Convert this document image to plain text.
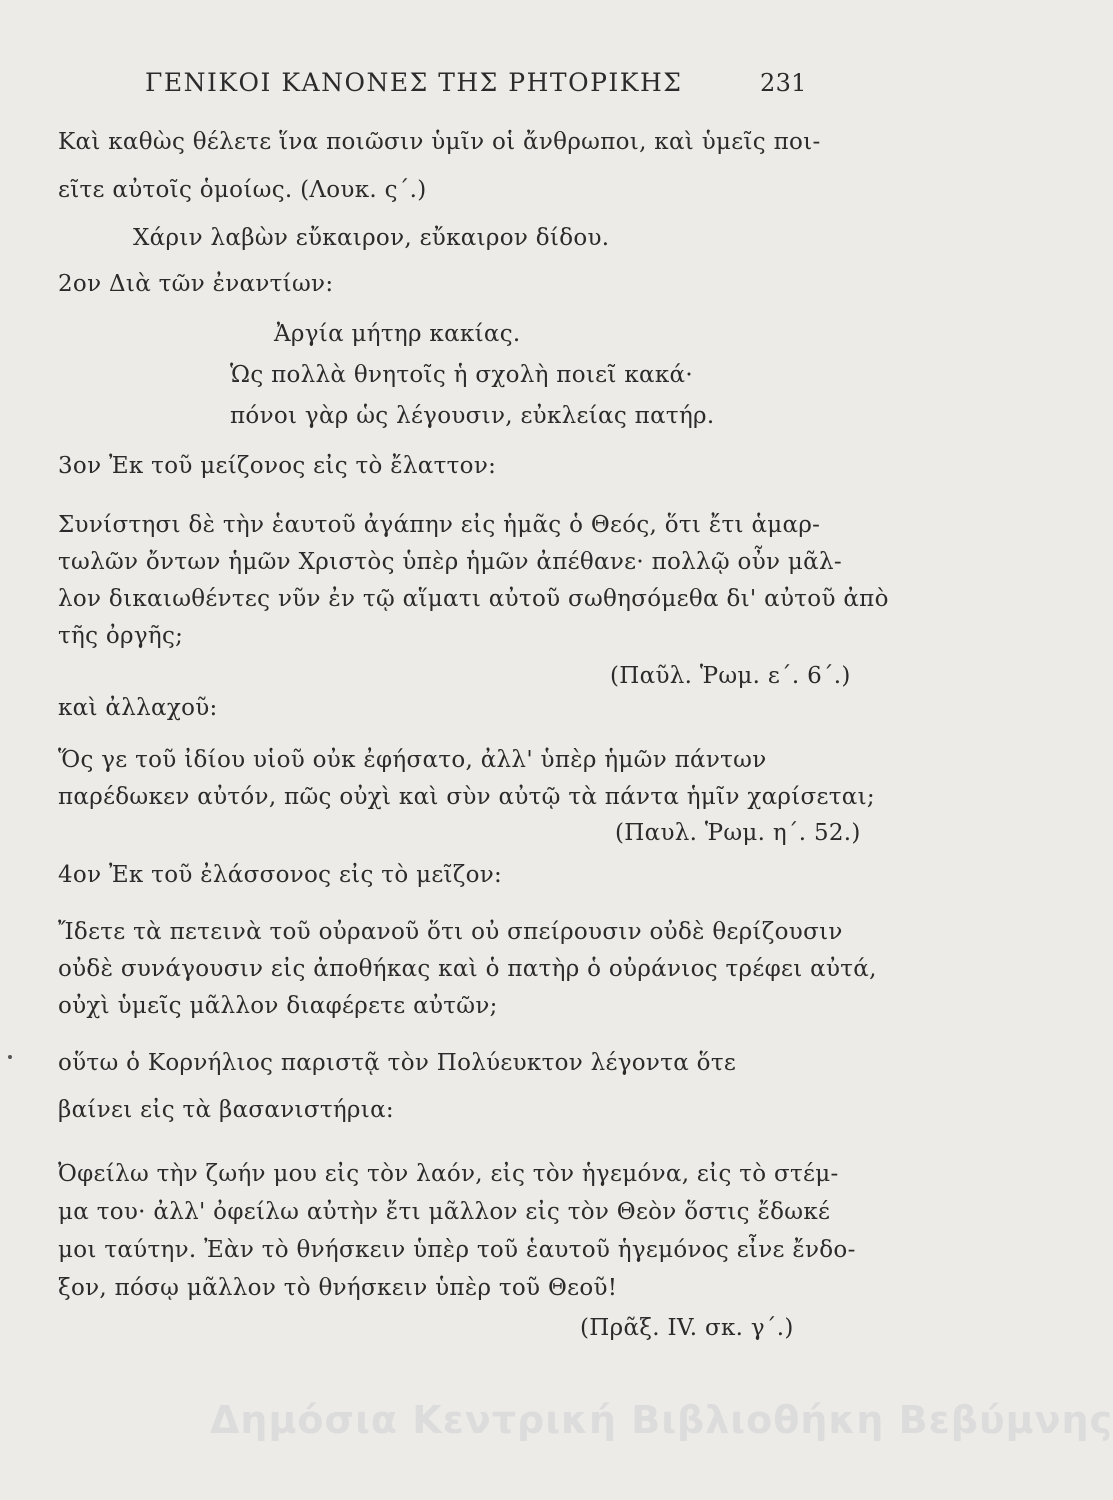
ΓΕΝΙΚΟΙ ΚΑΝΟΝΕΣ ΤΗΣ ΡΗΤΟΡΙΚΗΣ	231
Καὶ καθὼς θέλετε ἵνα ποιῶσιν ὑμῖν οἱ ἄνθρωποι, καὶ ὑμεῖς ποι-
εῖτε αὐτοῖς ὁμοίως. (Λουκ. ς΄.)
Χάριν λαβὼν εὔκαιρον, εὔκαιρον δίδου.
2ον Διὰ τῶν ἐναντίων:
Ἀργία μήτηρ κακίας.
Ὡς πολλὰ θνητοῖς ἡ σχολὴ ποιεῖ κακά·
πόνοι γὰρ ὡς λέγουσιν, εὐκλείας πατήρ.
3ον Ἐκ τοῦ μείζονος εἰς τὸ ἔλαττον:
Συνίστησι δὲ τὴν ἑαυτοῦ ἀγάπην εἰς ἡμᾶς ὁ Θεός, ὅτι ἔτι ἁμαρ-
τωλῶν ὄντων ἡμῶν Χριστὸς ὑπὲρ ἡμῶν ἀπέθανε· πολλῷ οὖν μᾶλ-
λον δικαιωθέντες νῦν ἐν τῷ αἵματι αὐτοῦ σωθησόμεθα δι' αὐτοῦ ἀπὸ
τῆς ὀργῆς;
(Παῦλ. Ῥωμ. ε΄. 6΄.)
καὶ ἀλλαχοῦ:
Ὅς γε τοῦ ἰδίου υἱοῦ οὐκ ἐφήσατο, ἀλλ' ὑπὲρ ἡμῶν πάντων
παρέδωκεν αὐτόν, πῶς οὐχὶ καὶ σὺν αὐτῷ τὰ πάντα ἡμῖν χαρίσεται;
(Παυλ. Ῥωμ. η΄. 52.)
4ον Ἐκ τοῦ ἐλάσσονος εἰς τὸ μεῖζον:
Ἴδετε τὰ πετεινὰ τοῦ οὐρανοῦ ὅτι οὐ σπείρουσιν οὐδὲ θερίζουσιν
οὐδὲ συνάγουσιν εἰς ἀποθήκας καὶ ὁ πατὴρ ὁ οὐράνιος τρέφει αὐτά,
οὐχὶ ὑμεῖς μᾶλλον διαφέρετε αὐτῶν;
οὕτω ὁ Κορνήλιος παριστᾷ τὸν Πολύευκτον λέγοντα ὅτε
βαίνει εἰς τὰ βασανιστήρια:
Ὀφείλω τὴν ζωήν μου εἰς τὸν λαόν, εἰς τὸν ἡγεμόνα, εἰς τὸ στέμ-
μα του· ἀλλ' ὀφείλω αὐτὴν ἔτι μᾶλλον εἰς τὸν Θεὸν ὅστις ἔδωκέ
μοι ταύτην. Ἐὰν τὸ θνήσκειν ὑπὲρ τοῦ ἑαυτοῦ ἡγεμόνος εἶνε ἔνδο-
ξον, πόσῳ μᾶλλον τὸ θνήσκειν ὑπὲρ τοῦ Θεοῦ!
(Πρᾶξ. IV. σκ. γ΄.)
Δημόσια Κεντρική Βιβλιοθήκη Βεβύμνης
